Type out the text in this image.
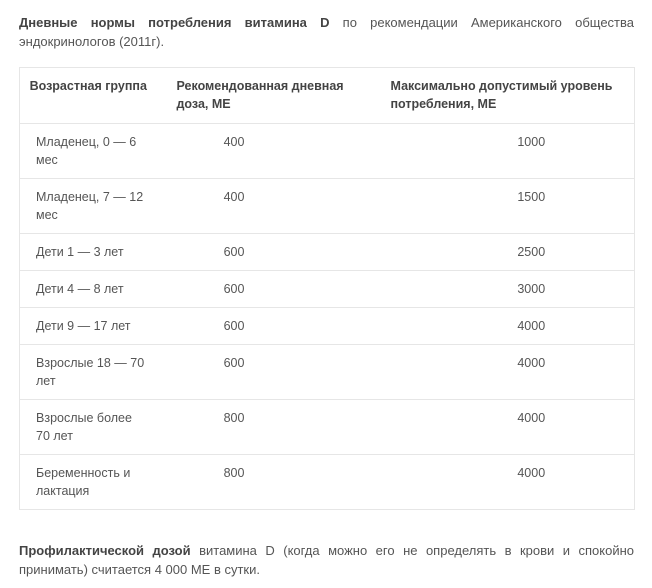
Дневные нормы потребления витамина D по рекомендации Американского общества эндокринологов (2011г).

Возрастная группа	Рекомендованная дневная доза, МЕ	Максимально допустимый уровень потребления, МЕ
Младенец, 0 — 6 мес	400	1000
Младенец, 7 — 12 мес	400	1500
Дети 1 — 3 лет	600	2500
Дети 4 — 8 лет	600	3000
Дети 9 — 17 лет	600	4000
Взрослые 18 — 70 лет	600	4000
Взрослые более 70 лет	800	4000
Беременность и лактация	800	4000

Профилактической дозой витамина D (когда можно его не определять в крови и спокойно принимать) считается 4 000 МЕ в сутки.
